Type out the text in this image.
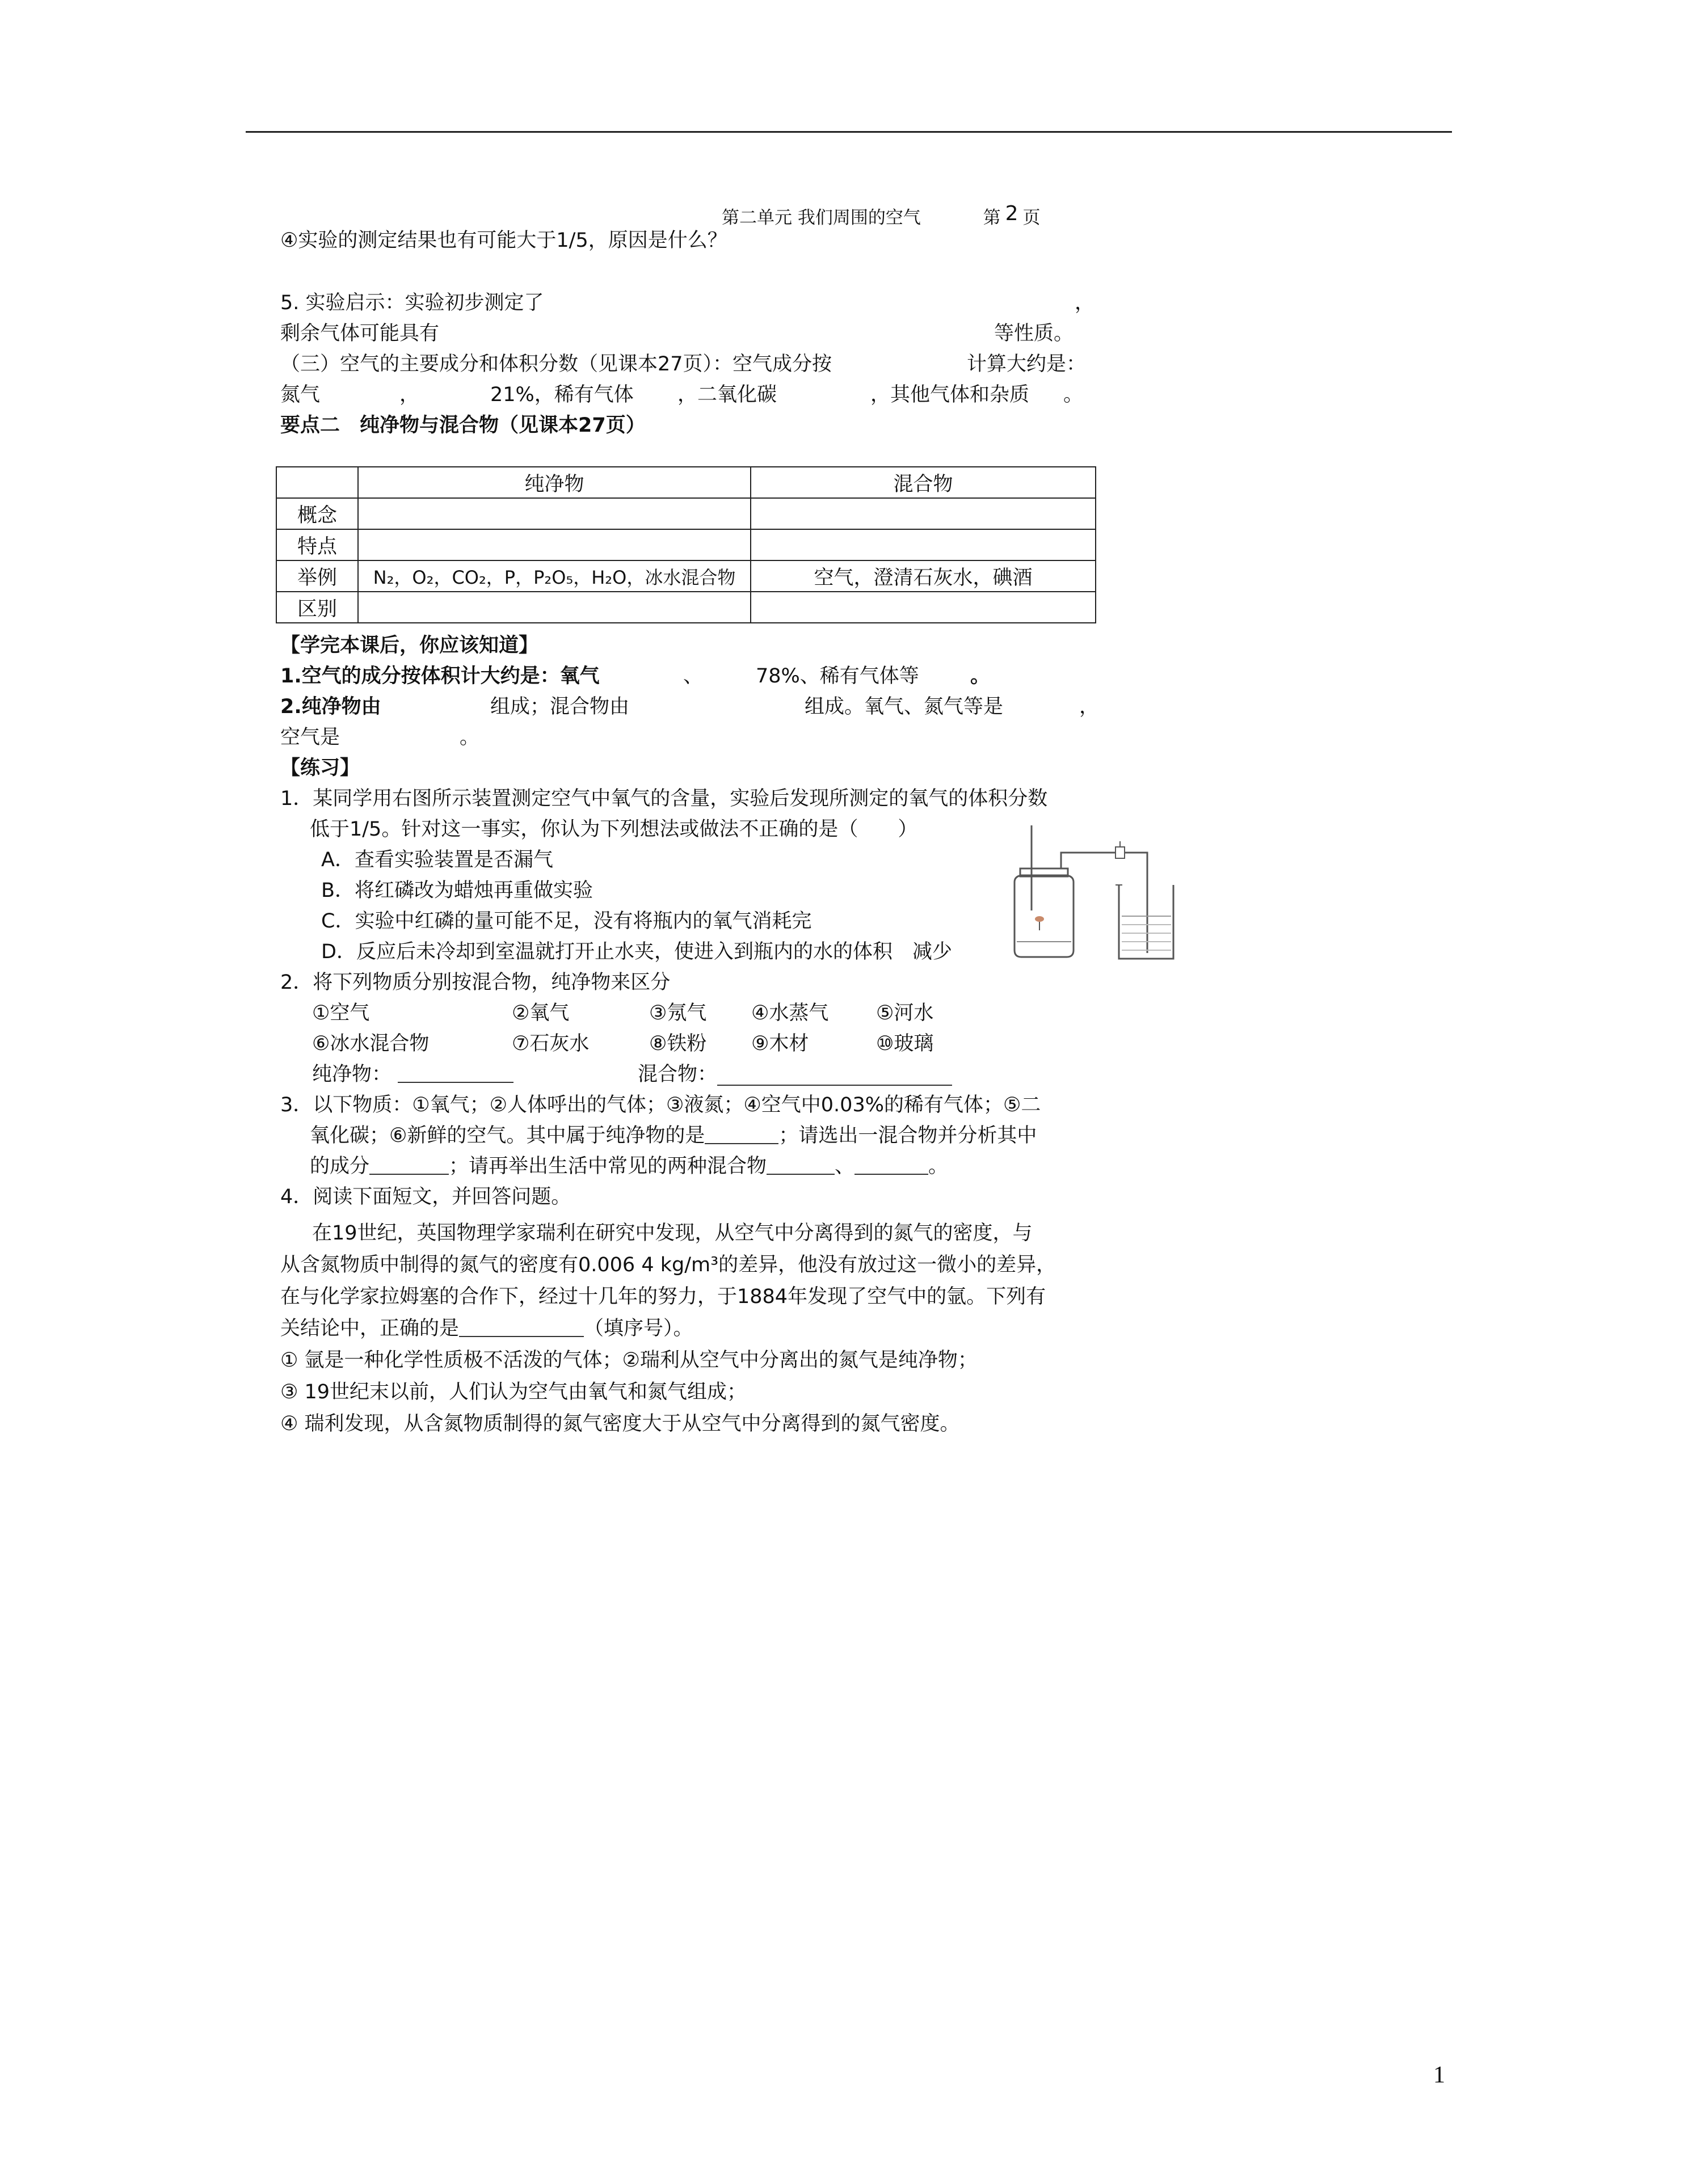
第二单元 我们周围的空气	第 2 页
④实验的测定结果也有可能大于1/5，原因是什么？
5. 实验启示：实验初步测定了	，
剩余气体可能具有	等性质。
（三）空气的主要成分和体积分数（见课本27页）：空气成分按	计算大约是：
氮气	，	21%，稀有气体 ，二氧化碳	，其他气体和杂质 。
要点二　纯净物与混合物（见课本27页）
	纯净物	混合物
概念		
特点		
举例	N₂，O₂，CO₂，P，P₂O₅，H₂O，冰水混合物	空气，澄清石灰水，碘酒
区别		
【学完本课后，你应该知道】
1.空气的成分按体积计大约是：氧气	、	78%、稀有气体等	。
2.纯净物由	组成；混合物由	组成。氧气、氮气等是	，
空气是	。
【练习】
1．某同学用右图所示装置测定空气中氧气的含量，实验后发现所测定的氧气的体积分数
低于1/5。针对这一事实，你认为下列想法或做法不正确的是（　　）
A．查看实验装置是否漏气
B．将红磷改为蜡烛再重做实验
C．实验中红磷的量可能不足，没有将瓶内的氧气消耗完
D．反应后未冷却到室温就打开止水夹，使进入到瓶内的水的体积　减少
2．将下列物质分别按混合物，纯净物来区分
①空气	②氧气	③氖气 ④水蒸气 ⑤河水
⑥冰水混合物	⑦石灰水	⑧铁粉 ⑨木材	⑩玻璃
纯净物：	混合物：
3．以下物质：①氧气；②人体呼出的气体；③液氮；④空气中0.03%的稀有气体；⑤二
氧化碳；⑥新鲜的空气。其中属于纯净物的是	；请选出一混合物并分析其中
的成分	；请再举出生活中常见的两种混合物	、	。
4．阅读下面短文，并回答问题。
在19世纪，英国物理学家瑞利在研究中发现，从空气中分离得到的氮气的密度，与
从含氮物质中制得的氮气的密度有0.006 4 kg/m³的差异，他没有放过这一微小的差异，
在与化学家拉姆塞的合作下，经过十几年的努力，于1884年发现了空气中的氩。下列有
关结论中，正确的是	（填序号）。
① 氩是一种化学性质极不活泼的气体；②瑞利从空气中分离出的氮气是纯净物；
③ 19世纪末以前，人们认为空气由氧气和氮气组成；
④ 瑞利发现，从含氮物质制得的氮气密度大于从空气中分离得到的氮气密度。
1
